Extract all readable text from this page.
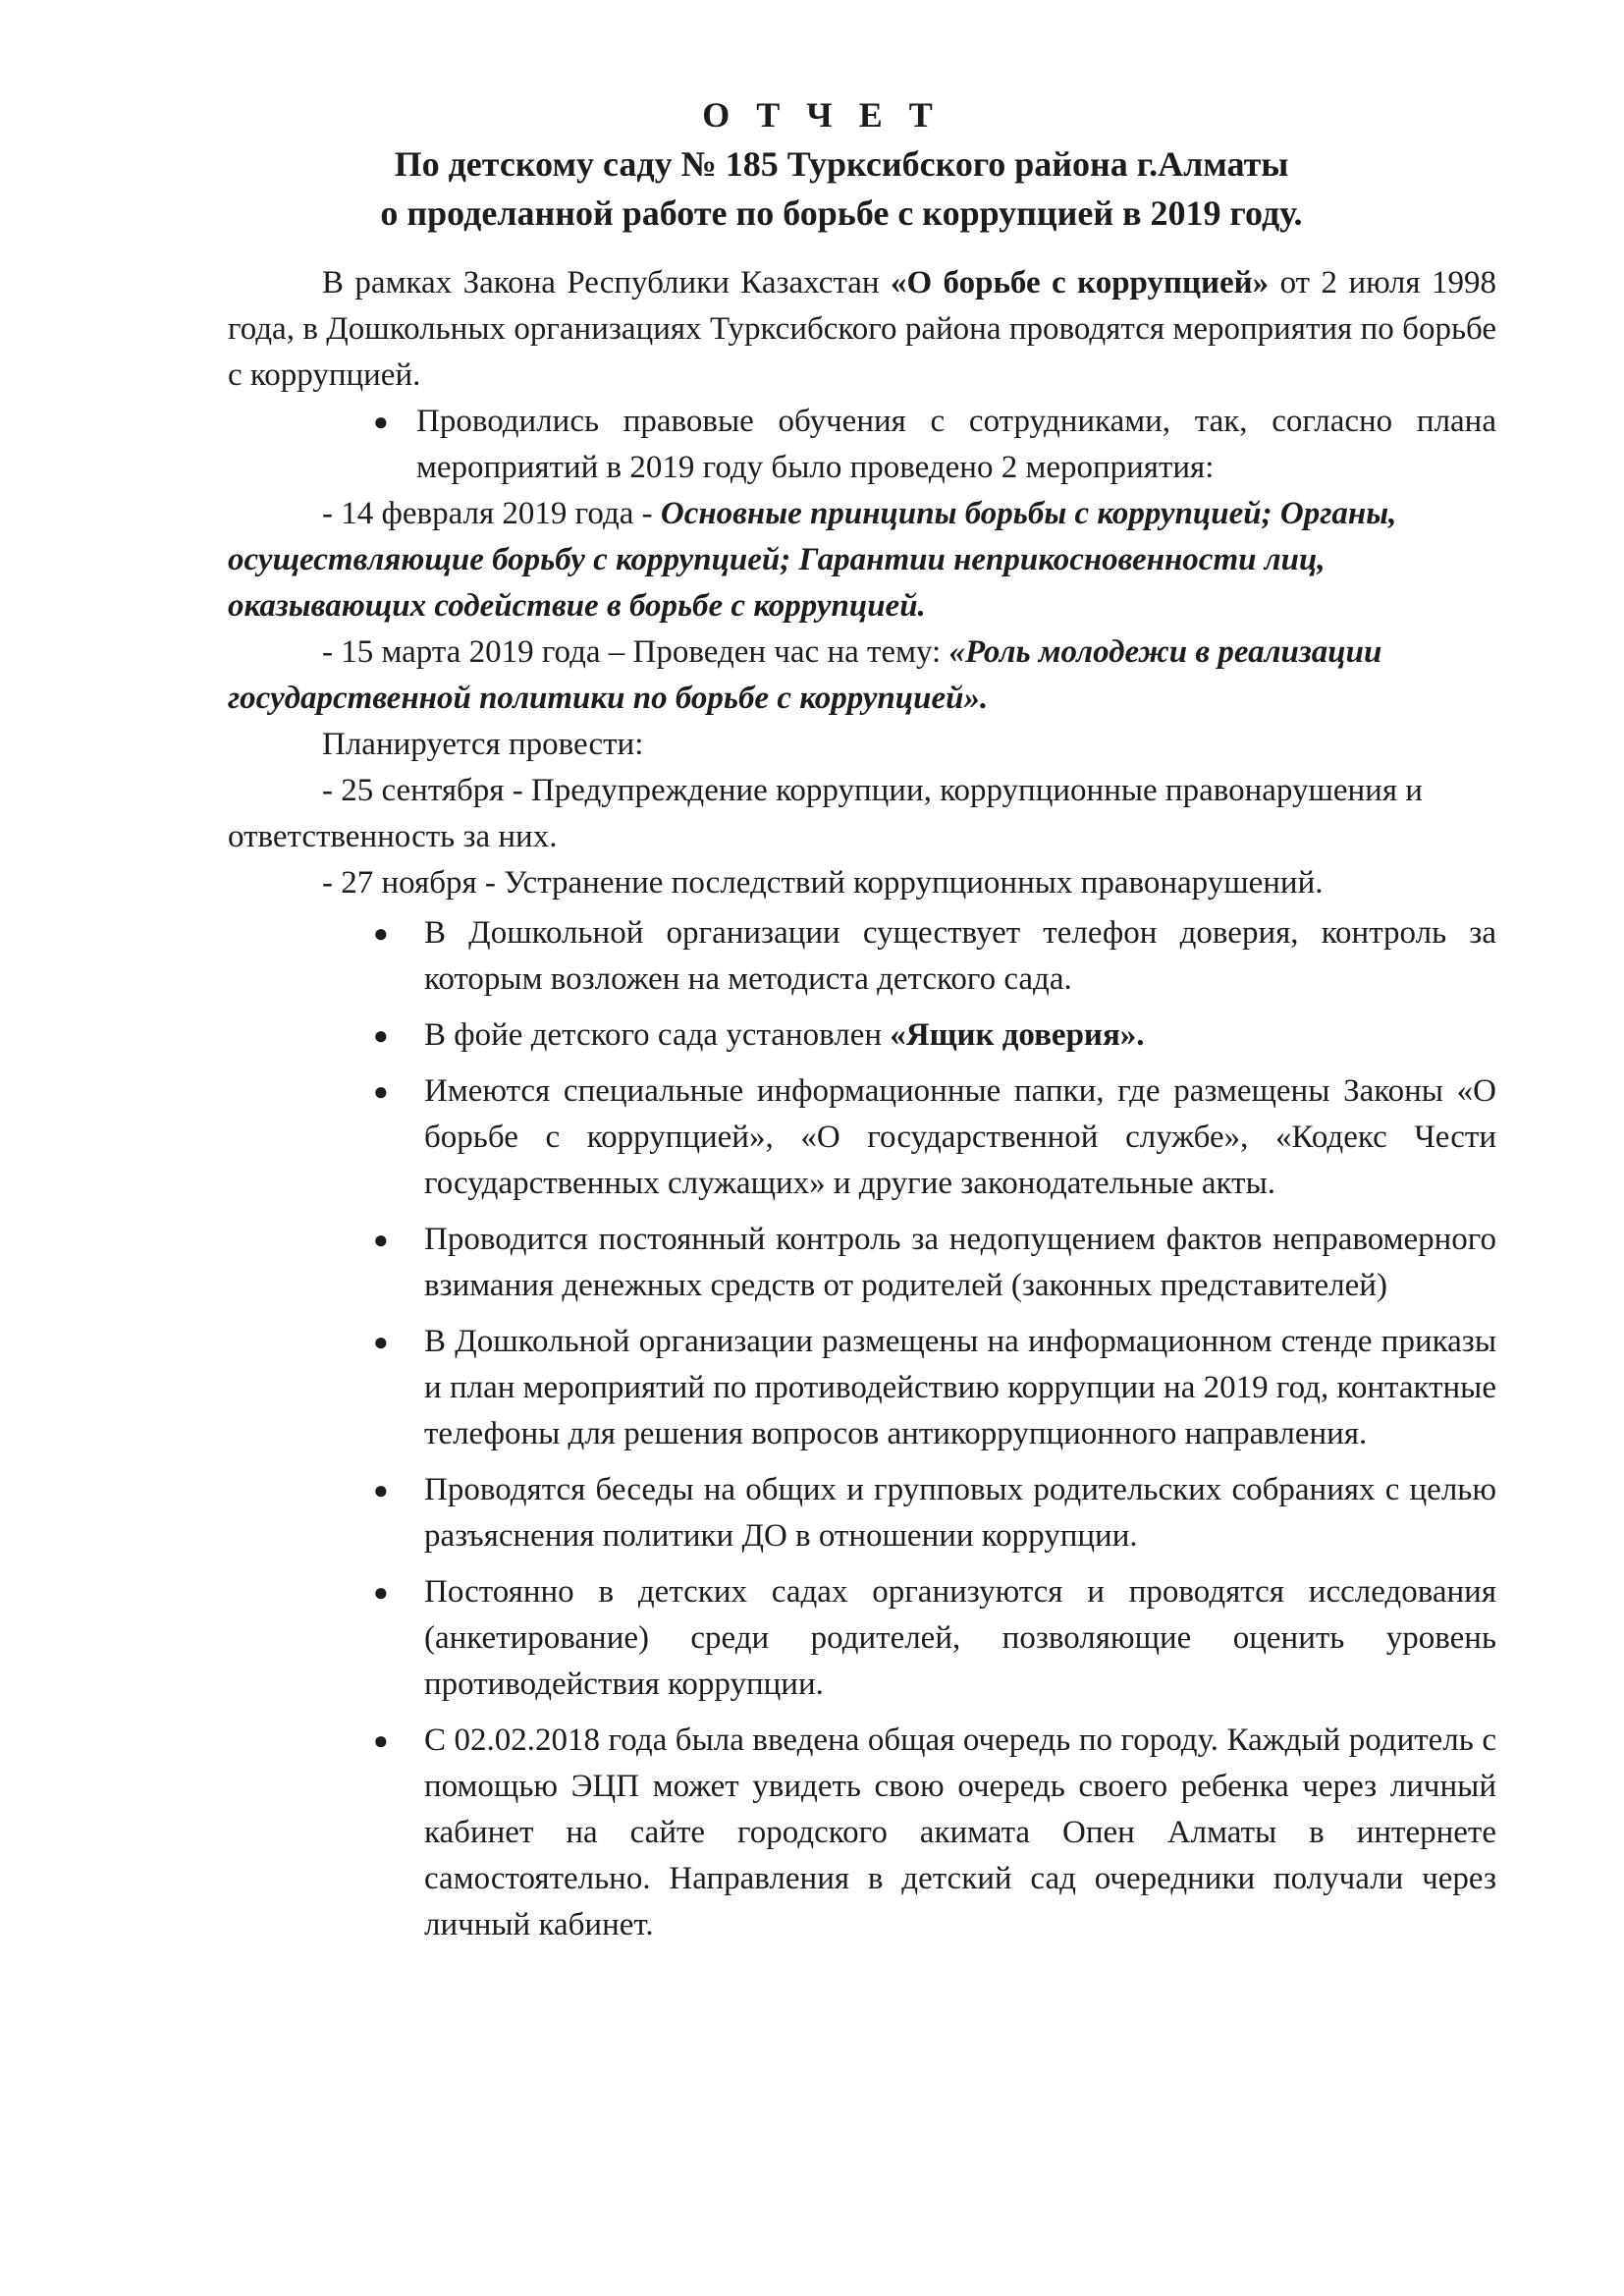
О Т Ч Е Т
По детскому саду № 185 Турксибского района г.Алматы
о проделанной работе по борьбе с коррупцией в 2019 году.

В рамках Закона Республики Казахстан «О борьбе с коррупцией» от 2 июля 1998 года, в Дошкольных организациях Турксибского района проводятся мероприятия по борьбе с коррупцией.

● Проводились правовые обучения с сотрудниками, так, согласно плана мероприятий в 2019 году было проведено 2 мероприятия:

- 14 февраля 2019 года - Основные принципы борьбы с коррупцией; Органы, осуществляющие борьбу с коррупцией; Гарантии неприкосновенности лиц, оказывающих содействие в борьбе с коррупцией.

- 15 марта 2019 года – Проведен час на тему: «Роль молодежи в реализации государственной политики по борьбе с коррупцией».

Планируется провести:

- 25 сентября - Предупреждение коррупции, коррупционные правонарушения и ответственность за них.

- 27 ноября - Устранение последствий коррупционных правонарушений.

● В Дошкольной организации существует телефон доверия, контроль за которым возложен на методиста детского сада.
● В фойе детского сада установлен «Ящик доверия».
● Имеются специальные информационные папки, где размещены Законы «О борьбе с коррупцией», «О государственной службе», «Кодекс Чести государственных служащих» и другие законодательные акты.
● Проводится постоянный контроль за недопущением фактов неправомерного взимания денежных средств от родителей (законных представителей)
● В Дошкольной организации размещены на информационном стенде приказы и план мероприятий по противодействию коррупции на 2019 год, контактные телефоны для решения вопросов антикоррупционного направления.
● Проводятся беседы на общих и групповых родительских собраниях с целью разъяснения политики ДО в отношении коррупции.
● Постоянно в детских садах организуются и проводятся исследования (анкетирование) среди родителей, позволяющие оценить уровень противодействия коррупции.
● С 02.02.2018 года была введена общая очередь по городу. Каждый родитель с помощью ЭЦП может увидеть свою очередь своего ребенка через личный кабинет на сайте городского акимата Опен Алматы в интернете самостоятельно. Направления в детский сад очередники получали через личный кабинет.
